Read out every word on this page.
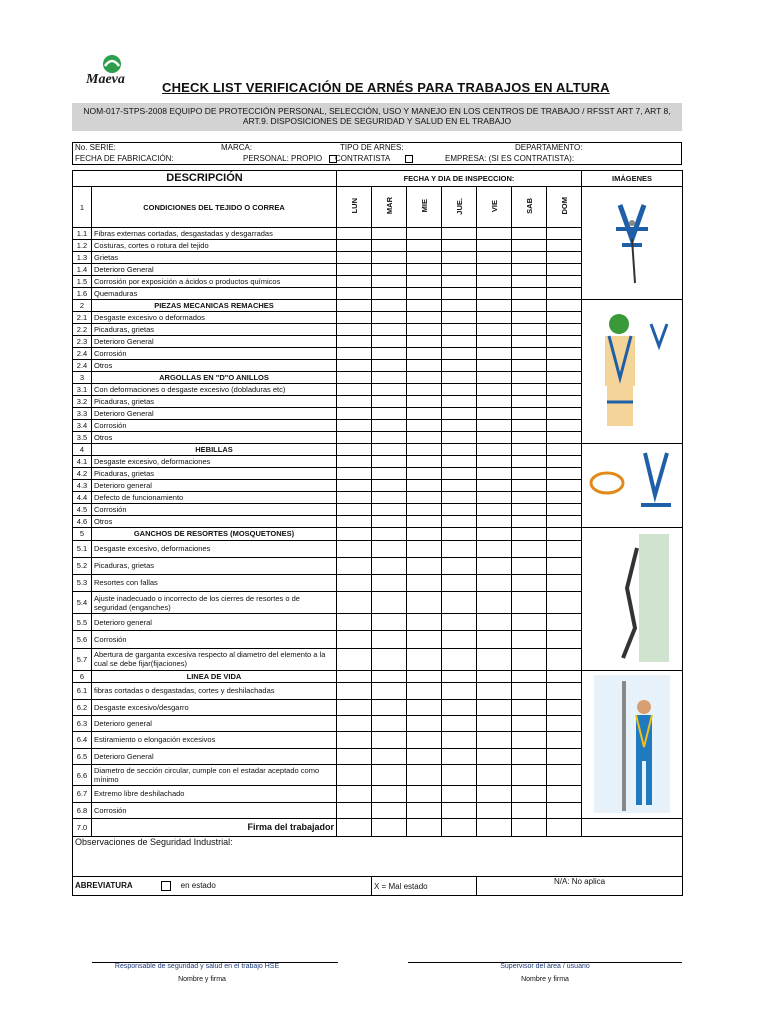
Maeva
CHECK LIST VERIFICACIÓN DE ARNÉS PARA TRABAJOS EN ALTURA
NOM-017-STPS-2008 EQUIPO DE PROTECCIÓN PERSONAL, SELECCIÓN, USO Y MANEJO EN LOS CENTROS DE TRABAJO / RFSST ART 7, ART 8,
ART.9. DISPOSICIONES DE SEGURIDAD Y SALUD EN EL TRABAJO
No. SERIE:	MARCA:	TIPO DE ARNES:	DEPARTAMENTO:
FECHA DE FABRICACIÓN:	PERSONAL: PROPIO CONTRATISTA	EMPRESA: (SI ES CONTRATISTA):
DESCRIPCIÓN		FECHA Y DIA DE INSPECCION:							IMÁGENES
1	CONDICIONES DEL TEJIDO O CORREA	LUN	MAR	MIE	JUE.	VIE	SAB	DOM	
1.1	Fibras externas cortadas, desgastadas y desgarradas								
1.2	Costuras, cortes o rotura del tejido								
1.3	Grietas								
1.4	Deterioro General								
1.5	Corrosión por exposición a ácidos o productos químicos								
1.6	Quemaduras								
2	PIEZAS MECANICAS REMACHES								
2.1	Desgaste excesivo o deformados								
2.2	Picaduras, grietas								
2.3	Deterioro General								
2.4	Corrosión								
2.4	Otros								
3	ARGOLLAS EN "D"O ANILLOS								
3.1	Con deformaciones o desgaste excesivo (dobladuras etc)								
3.2	Picaduras, grietas								
3.3	Deterioro General								
3.4	Corrosión								
3.5	Otros								
4	HEBILLAS								
4.1	Desgaste excesivo, deformaciones								
4.2	Picaduras, grietas								
4.3	Deterioro general								
4.4	Defecto de funcionamiento								
4.5	Corrosión								
4.6	Otros								
5	GANCHOS DE RESORTES (MOSQUETONES)								
5.1	Desgaste excesivo, deformaciones								
5.2	Picaduras, grietas								
5.3	Resortes con fallas								
5.4	Ajuste inadecuado o incorrecto de los cierres de resortes o de seguridad (enganches)								
5.5	Deterioro general								
5.6	Corrosión								
5.7	Abertura de garganta excesiva respecto al diametro del elemento a la cual se debe fijar(fijaciones)								
6	LINEA DE VIDA								
6.1	fibras cortadas o desgastadas, cortes y deshilachadas								
6.2	Desgaste excesivo/desgarro								
6.3	Deterioro general								
6.4	Estiramiento o elongación excesivos								
6.5	Deterioro General								
6.6	Diametro de sección circular, cumple con el estadar aceptado como mínimo								
6.7	Extremo libre deshilachado								
6.8	Corrosión								
7.0	Firma del trabajador								
Observaciones de Seguridad Industrial:									
ABREVIATURA en estado			X = Mal estado			N/A: No aplica			
Responsable de seguridad y salud en el trabajo HSE
Nombre y firma
Supervisor del área / usuario
Nombre y firma
